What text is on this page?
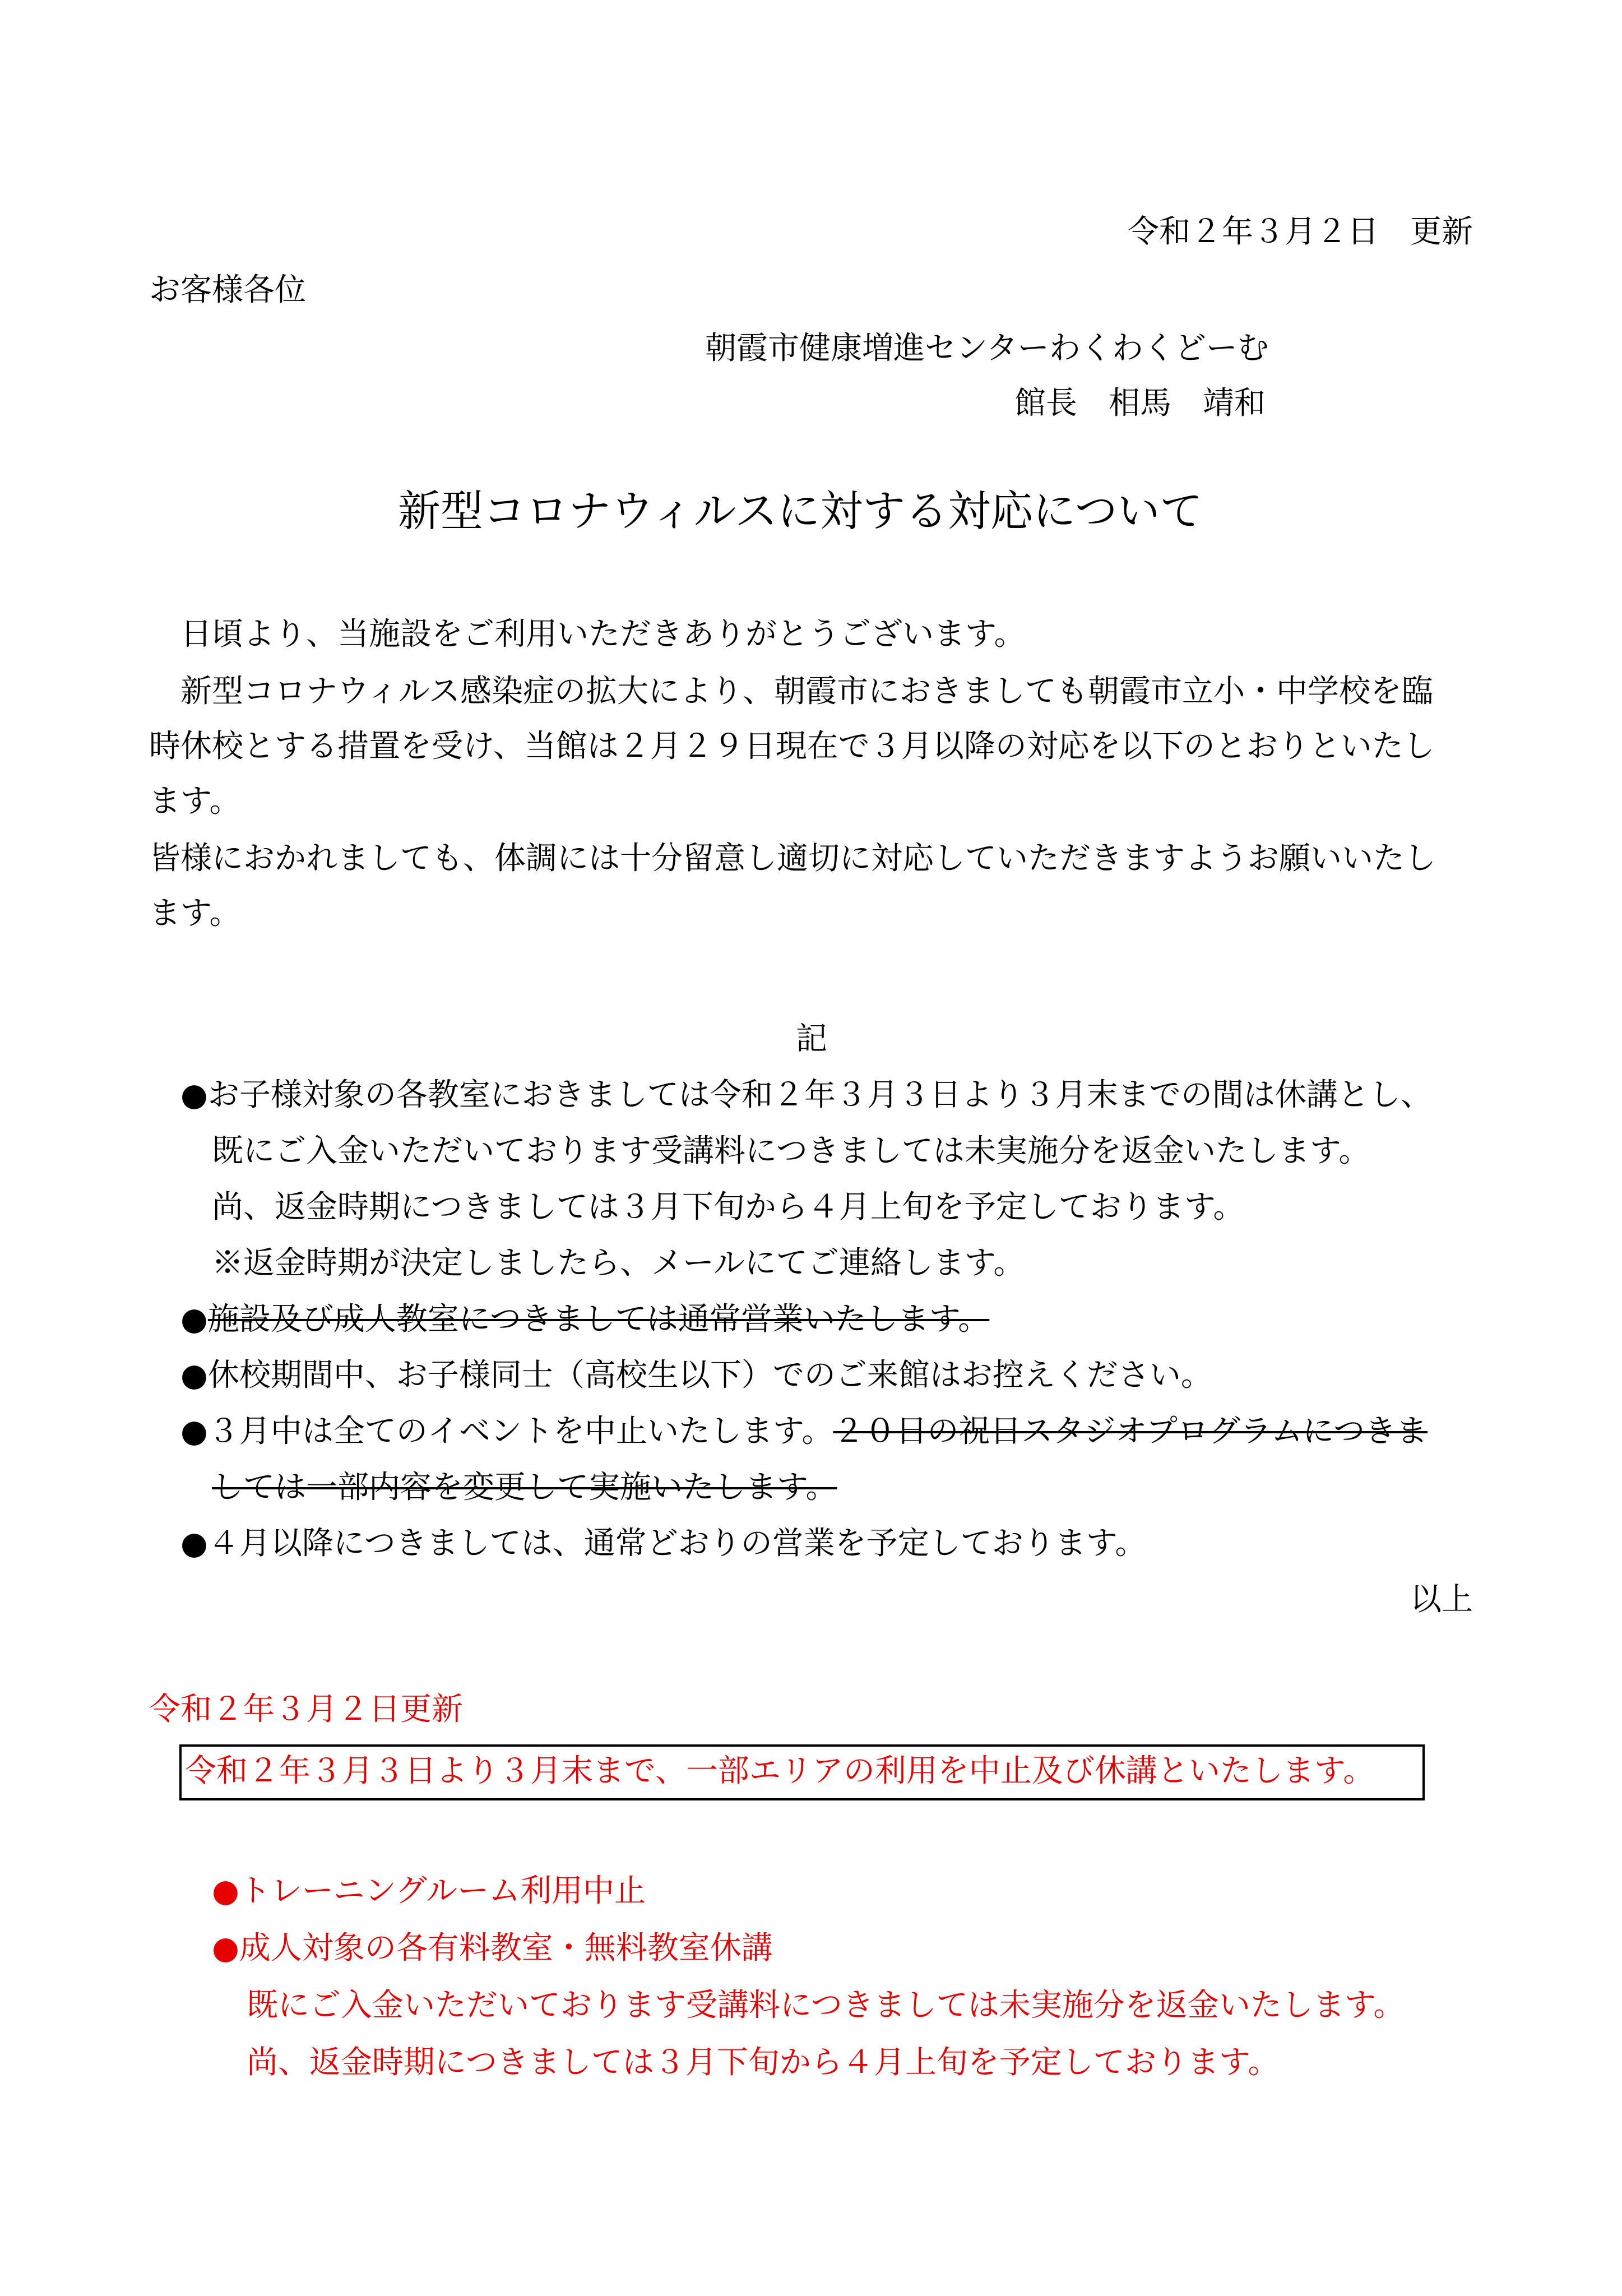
令和２年３月２日　更新
お客様各位
朝霞市健康増進センターわくわくどーむ
館長　相馬　靖和
新型コロナウィルスに対する対応について
日頃より、当施設をご利用いただきありがとうございます。
新型コロナウィルス感染症の拡大により、朝霞市におきましても朝霞市立小・中学校を臨
時休校とする措置を受け、当館は２月２９日現在で３月以降の対応を以下のとおりといたし
ます。
皆様におかれましても、体調には十分留意し適切に対応していただきますようお願いいたし
ます。
記
●お子様対象の各教室におきましては令和２年３月３日より３月末までの間は休講とし、
既にご入金いただいております受講料につきましては未実施分を返金いたします。
尚、返金時期につきましては３月下旬から４月上旬を予定しております。
※返金時期が決定しましたら、メールにてご連絡します。
●施設及び成人教室につきましては通常営業いたします。
●休校期間中、お子様同士（高校生以下）でのご来館はお控えください。
●３月中は全てのイベントを中止いたします。２０日の祝日スタジオプログラムにつきま
しては一部内容を変更して実施いたします。
●４月以降につきましては、通常どおりの営業を予定しております。
以上
令和２年３月２日更新
令和２年３月３日より３月末まで、一部エリアの利用を中止及び休講といたします。
●トレーニングルーム利用中止
●成人対象の各有料教室・無料教室休講
既にご入金いただいております受講料につきましては未実施分を返金いたします。
尚、返金時期につきましては３月下旬から４月上旬を予定しております。
